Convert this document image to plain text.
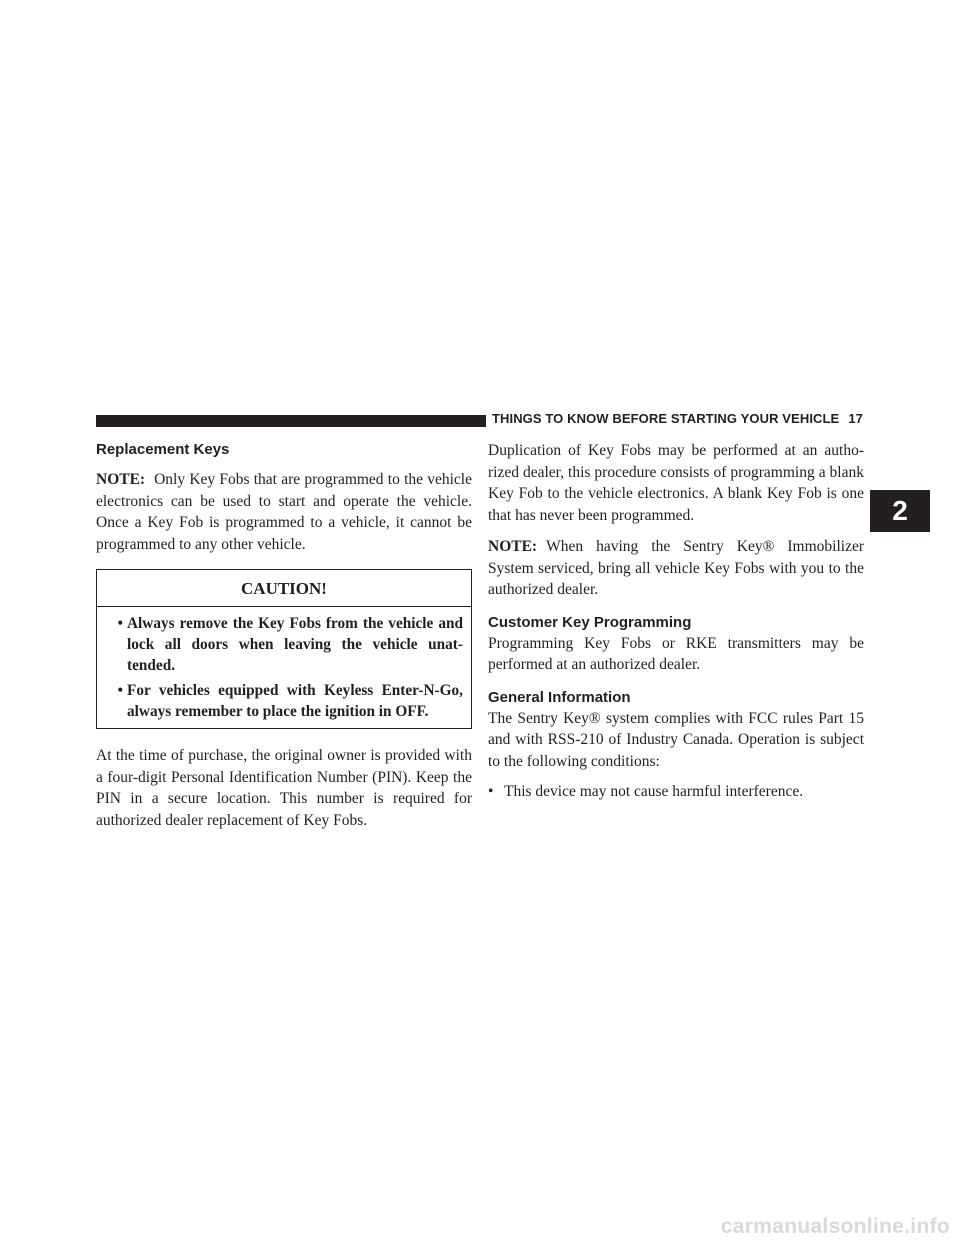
THINGS TO KNOW BEFORE STARTING YOUR VEHICLE 17
2
Replacement Keys

NOTE: Only Key Fobs that are programmed to the vehicle electronics can be used to start and operate the vehicle. Once a Key Fob is programmed to a vehicle, it cannot be programmed to any other vehicle.

CAUTION!
• Always remove the Key Fobs from the vehicle and lock all doors when leaving the vehicle unat-tended.
• For vehicles equipped with Keyless Enter-N-Go, always remember to place the ignition in OFF.

At the time of purchase, the original owner is provided with a four-digit Personal Identification Number (PIN). Keep the PIN in a secure location. This number is required for authorized dealer replacement of Key Fobs.

Duplication of Key Fobs may be performed at an autho-rized dealer, this procedure consists of programming a blank Key Fob to the vehicle electronics. A blank Key Fob is one that has never been programmed.

NOTE: When having the Sentry Key® Immobilizer System serviced, bring all vehicle Key Fobs with you to the authorized dealer.

Customer Key Programming

Programming Key Fobs or RKE transmitters may be performed at an authorized dealer.

General Information

The Sentry Key® system complies with FCC rules Part 15 and with RSS-210 of Industry Canada. Operation is subject to the following conditions:

• This device may not cause harmful interference.
carmanualsonline.info
